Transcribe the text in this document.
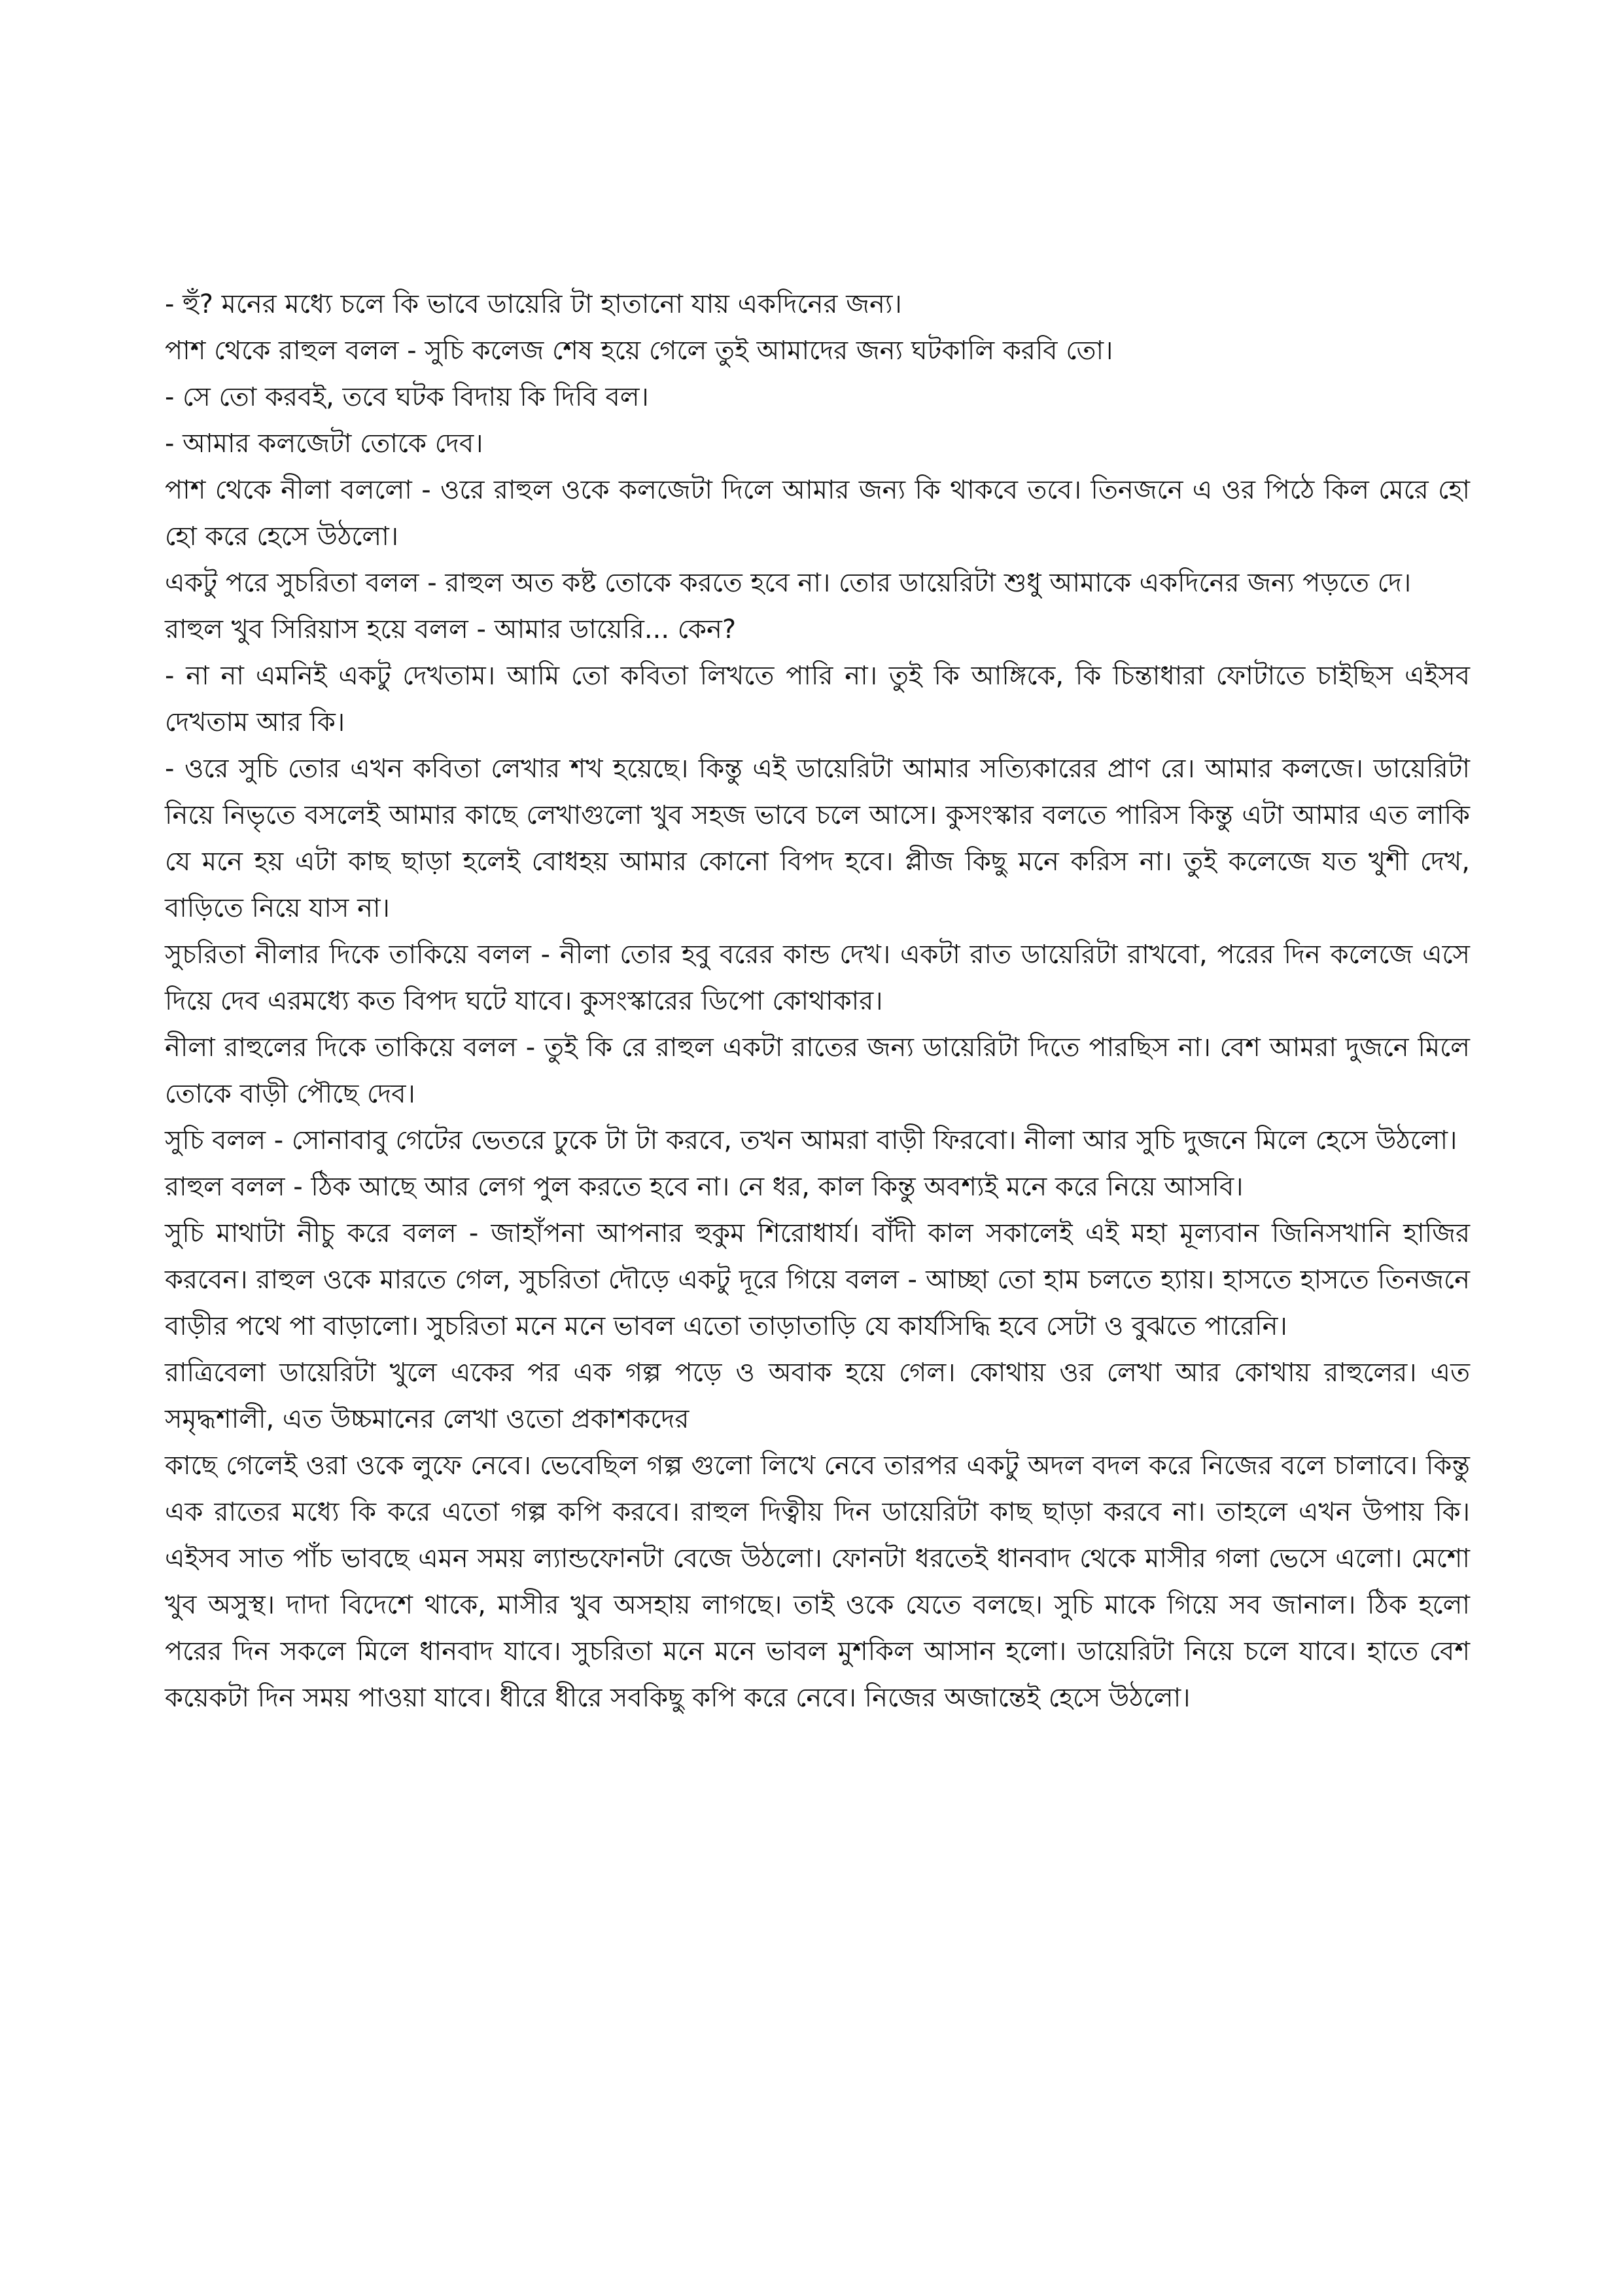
- হুঁ? মনের মধ্যে চলে কি ভাবে ডায়েরি টা হাতানো যায় একদিনের জন্য।

পাশ থেকে রাহুল বলল - সুচি কলেজ শেষ হয়ে গেলে তুই আমাদের জন্য ঘটকালি করবি তো।

- সে তো করবই, তবে ঘটক বিদায় কি দিবি বল।

- আমার কলজেটা তোকে দেব।

পাশ থেকে নীলা বললো - ওরে রাহুল ওকে কলজেটা দিলে আমার জন্য কি থাকবে তবে। তিনজনে এ ওর পিঠে কিল মেরে হো হো করে হেসে উঠলো।

একটু পরে সুচরিতা বলল - রাহুল অত কষ্ট তোকে করতে হবে না। তোর ডায়েরিটা শুধু আমাকে একদিনের জন্য পড়তে দে।

রাহুল খুব সিরিয়াস হয়ে বলল - আমার ডায়েরি... কেন?

- না না এমনিই একটু দেখতাম। আমি তো কবিতা লিখতে পারি না। তুই কি আঙ্গিকে, কি চিন্তাধারা ফোটাতে চাইছিস এইসব দেখতাম আর কি।

- ওরে সুচি তোর এখন কবিতা লেখার শখ হয়েছে। কিন্তু এই ডায়েরিটা আমার সত্যিকারের প্রাণ রে। আমার কলজে। ডায়েরিটা নিয়ে নিভৃতে বসলেই আমার কাছে লেখাগুলো খুব সহজ ভাবে চলে আসে। কুসংস্কার বলতে পারিস কিন্তু এটা আমার এত লাকি যে মনে হয় এটা কাছ ছাড়া হলেই বোধহয় আমার কোনো বিপদ হবে। প্লীজ কিছু মনে করিস না। তুই কলেজে যত খুশী দেখ, বাড়িতে নিয়ে যাস না।

সুচরিতা নীলার দিকে তাকিয়ে বলল - নীলা তোর হবু বরের কান্ড দেখ। একটা রাত ডায়েরিটা রাখবো, পরের দিন কলেজে এসে দিয়ে দেব এরমধ্যে কত বিপদ ঘটে যাবে। কুসংস্কারের ডিপো কোথাকার।

নীলা রাহুলের দিকে তাকিয়ে বলল - তুই কি রে রাহুল একটা রাতের জন্য ডায়েরিটা দিতে পারছিস না। বেশ আমরা দুজনে মিলে তোকে বাড়ী পৌছে দেব।

সুচি বলল - সোনাবাবু গেটের ভেতরে ঢুকে টা টা করবে, তখন আমরা বাড়ী ফিরবো। নীলা আর সুচি দুজনে মিলে হেসে উঠলো।

রাহুল বলল - ঠিক আছে আর লেগ পুল করতে হবে না। নে ধর, কাল কিন্তু অবশ্যই মনে করে নিয়ে আসবি।

সুচি মাথাটা নীচু করে বলল - জাহাঁপনা আপনার হুকুম শিরোধার্য। বাঁদী কাল সকালেই এই মহা মূল্যবান জিনিসখানি হাজির করবেন। রাহুল ওকে মারতে গেল, সুচরিতা দৌড়ে একটু দূরে গিয়ে বলল - আচ্ছা তো হাম চলতে হ্যায়। হাসতে হাসতে তিনজনে বাড়ীর পথে পা বাড়ালো। সুচরিতা মনে মনে ভাবল এতো তাড়াতাড়ি যে কার্যসিদ্ধি হবে সেটা ও বুঝতে পারেনি।

রাত্রিবেলা ডায়েরিটা খুলে একের পর এক গল্প পড়ে ও অবাক হয়ে গেল। কোথায় ওর লেখা আর কোথায় রাহুলের। এত সমৃদ্ধশালী, এত উচ্চমানের লেখা ওতো প্রকাশকদের

কাছে গেলেই ওরা ওকে লুফে নেবে। ভেবেছিল গল্প গুলো লিখে নেবে তারপর একটু অদল বদল করে নিজের বলে চালাবে। কিন্তু এক রাতের মধ্যে কি করে এতো গল্প কপি করবে। রাহুল দিত্বীয় দিন ডায়েরিটা কাছ ছাড়া করবে না। তাহলে এখন উপায় কি। এইসব সাত পাঁচ ভাবছে এমন সময় ল্যান্ডফোনটা বেজে উঠলো। ফোনটা ধরতেই ধানবাদ থেকে মাসীর গলা ভেসে এলো। মেশো খুব অসুস্থ। দাদা বিদেশে থাকে, মাসীর খুব অসহায় লাগছে। তাই ওকে যেতে বলছে। সুচি মাকে গিয়ে সব জানাল। ঠিক হলো পরের দিন সকলে মিলে ধানবাদ যাবে। সুচরিতা মনে মনে ভাবল মুশকিল আসান হলো। ডায়েরিটা নিয়ে চলে যাবে। হাতে বেশ কয়েকটা দিন সময় পাওয়া যাবে। ধীরে ধীরে সবকিছু কপি করে নেবে। নিজের অজান্তেই হেসে উঠলো।
